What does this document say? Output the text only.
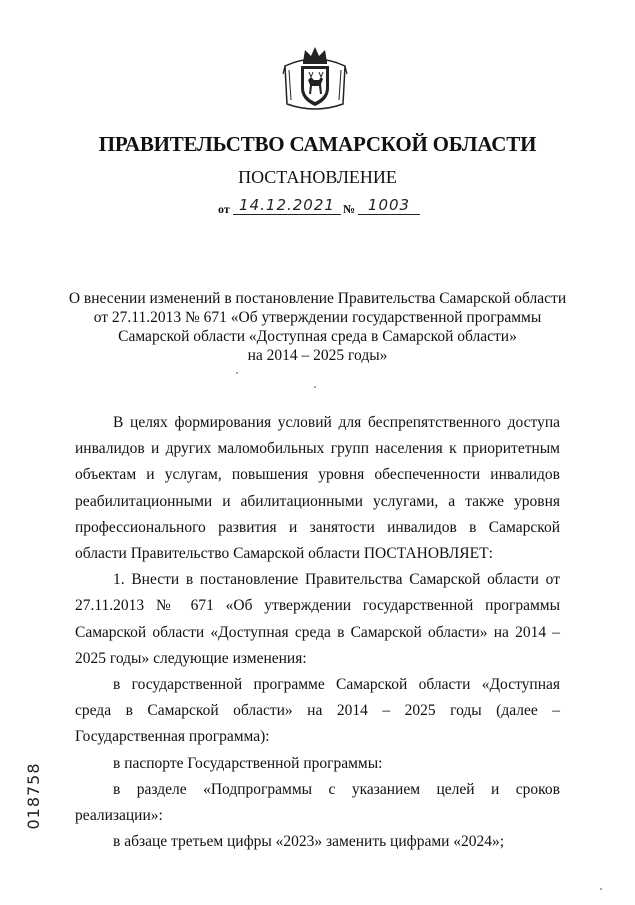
ПРАВИТЕЛЬСТВО САМАРСКОЙ ОБЛАСТИ
ПОСТАНОВЛЕНИЕ
от 14.12.2021 № 1003
О внесении изменений в постановление Правительства Самарской области
от 27.11.2013 № 671 «Об утверждении государственной программы
Самарской области «Доступная среда в Самарской области»
на 2014 – 2025 годы»

В целях формирования условий для беспрепятственного доступа инвалидов и других маломобильных групп населения к приоритетным объектам и услугам, повышения уровня обеспеченности инвалидов реабилитационными и абилитационными услугами, а также уровня профессионального развития и занятости инвалидов в Самарской области Правительство Самарской области ПОСТАНОВЛЯЕТ:

1. Внести в постановление Правительства Самарской области от 27.11.2013 № 671 «Об утверждении государственной программы Самарской области «Доступная среда в Самарской области» на 2014 – 2025 годы» следующие изменения:

в государственной программе Самарской области «Доступная среда в Самарской области» на 2014 – 2025 годы (далее – Государственная программа):

в паспорте Государственной программы:

в разделе «Подпрограммы с указанием целей и сроков реализации»:

в абзаце третьем цифры «2023» заменить цифрами «2024»;

018758
